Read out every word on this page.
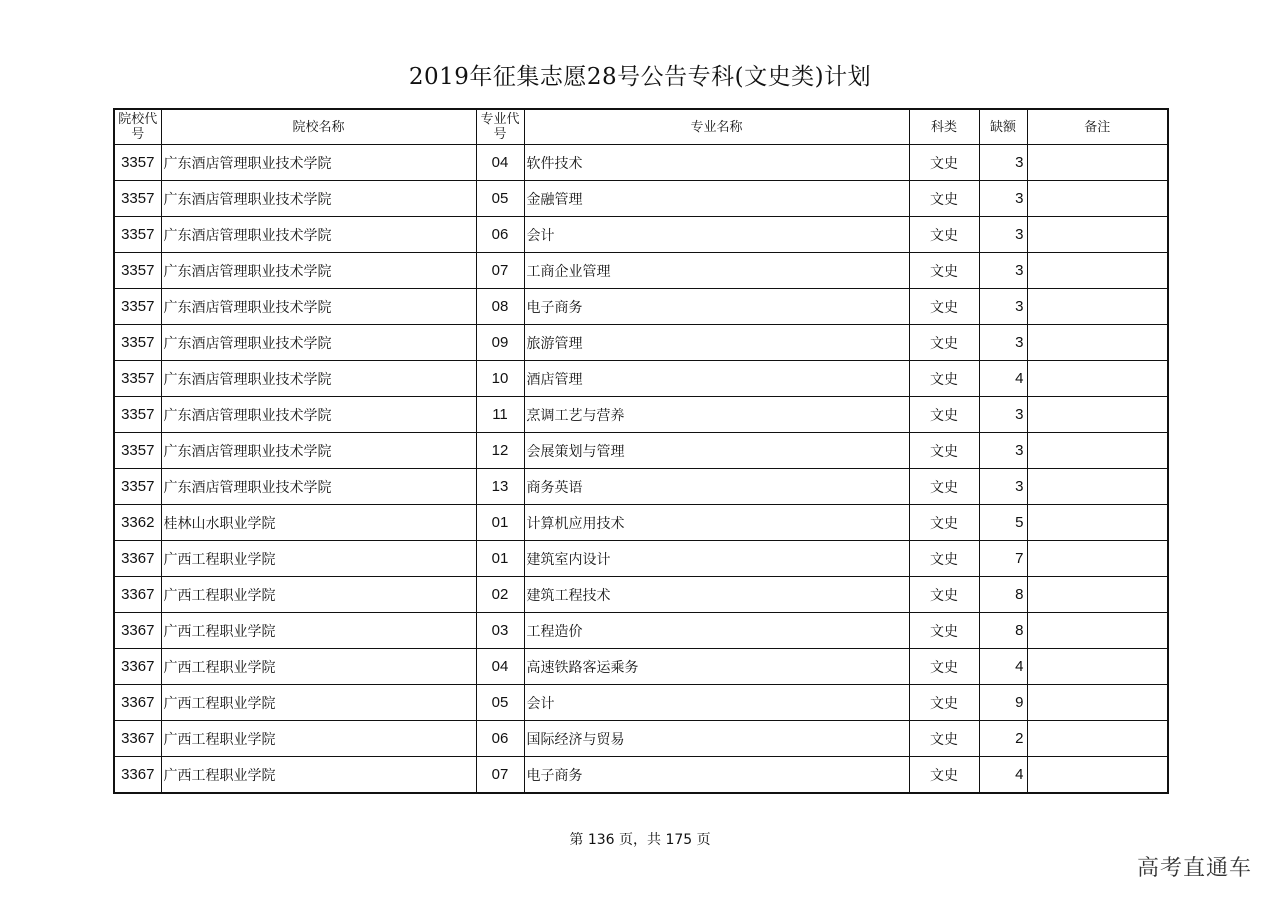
2019年征集志愿28号公告专科(文史类)计划
院校代号	院校名称	专业代号	专业名称	科类	缺额	备注
3357	广东酒店管理职业技术学院	04	软件技术	文史	3	
3357	广东酒店管理职业技术学院	05	金融管理	文史	3	
3357	广东酒店管理职业技术学院	06	会计	文史	3	
3357	广东酒店管理职业技术学院	07	工商企业管理	文史	3	
3357	广东酒店管理职业技术学院	08	电子商务	文史	3	
3357	广东酒店管理职业技术学院	09	旅游管理	文史	3	
3357	广东酒店管理职业技术学院	10	酒店管理	文史	4	
3357	广东酒店管理职业技术学院	11	烹调工艺与营养	文史	3	
3357	广东酒店管理职业技术学院	12	会展策划与管理	文史	3	
3357	广东酒店管理职业技术学院	13	商务英语	文史	3	
3362	桂林山水职业学院	01	计算机应用技术	文史	5	
3367	广西工程职业学院	01	建筑室内设计	文史	7	
3367	广西工程职业学院	02	建筑工程技术	文史	8	
3367	广西工程职业学院	03	工程造价	文史	8	
3367	广西工程职业学院	04	高速铁路客运乘务	文史	4	
3367	广西工程职业学院	05	会计	文史	9	
3367	广西工程职业学院	06	国际经济与贸易	文史	2	
3367	广西工程职业学院	07	电子商务	文史	4	
第 136 页，共 175 页
高考直通车
